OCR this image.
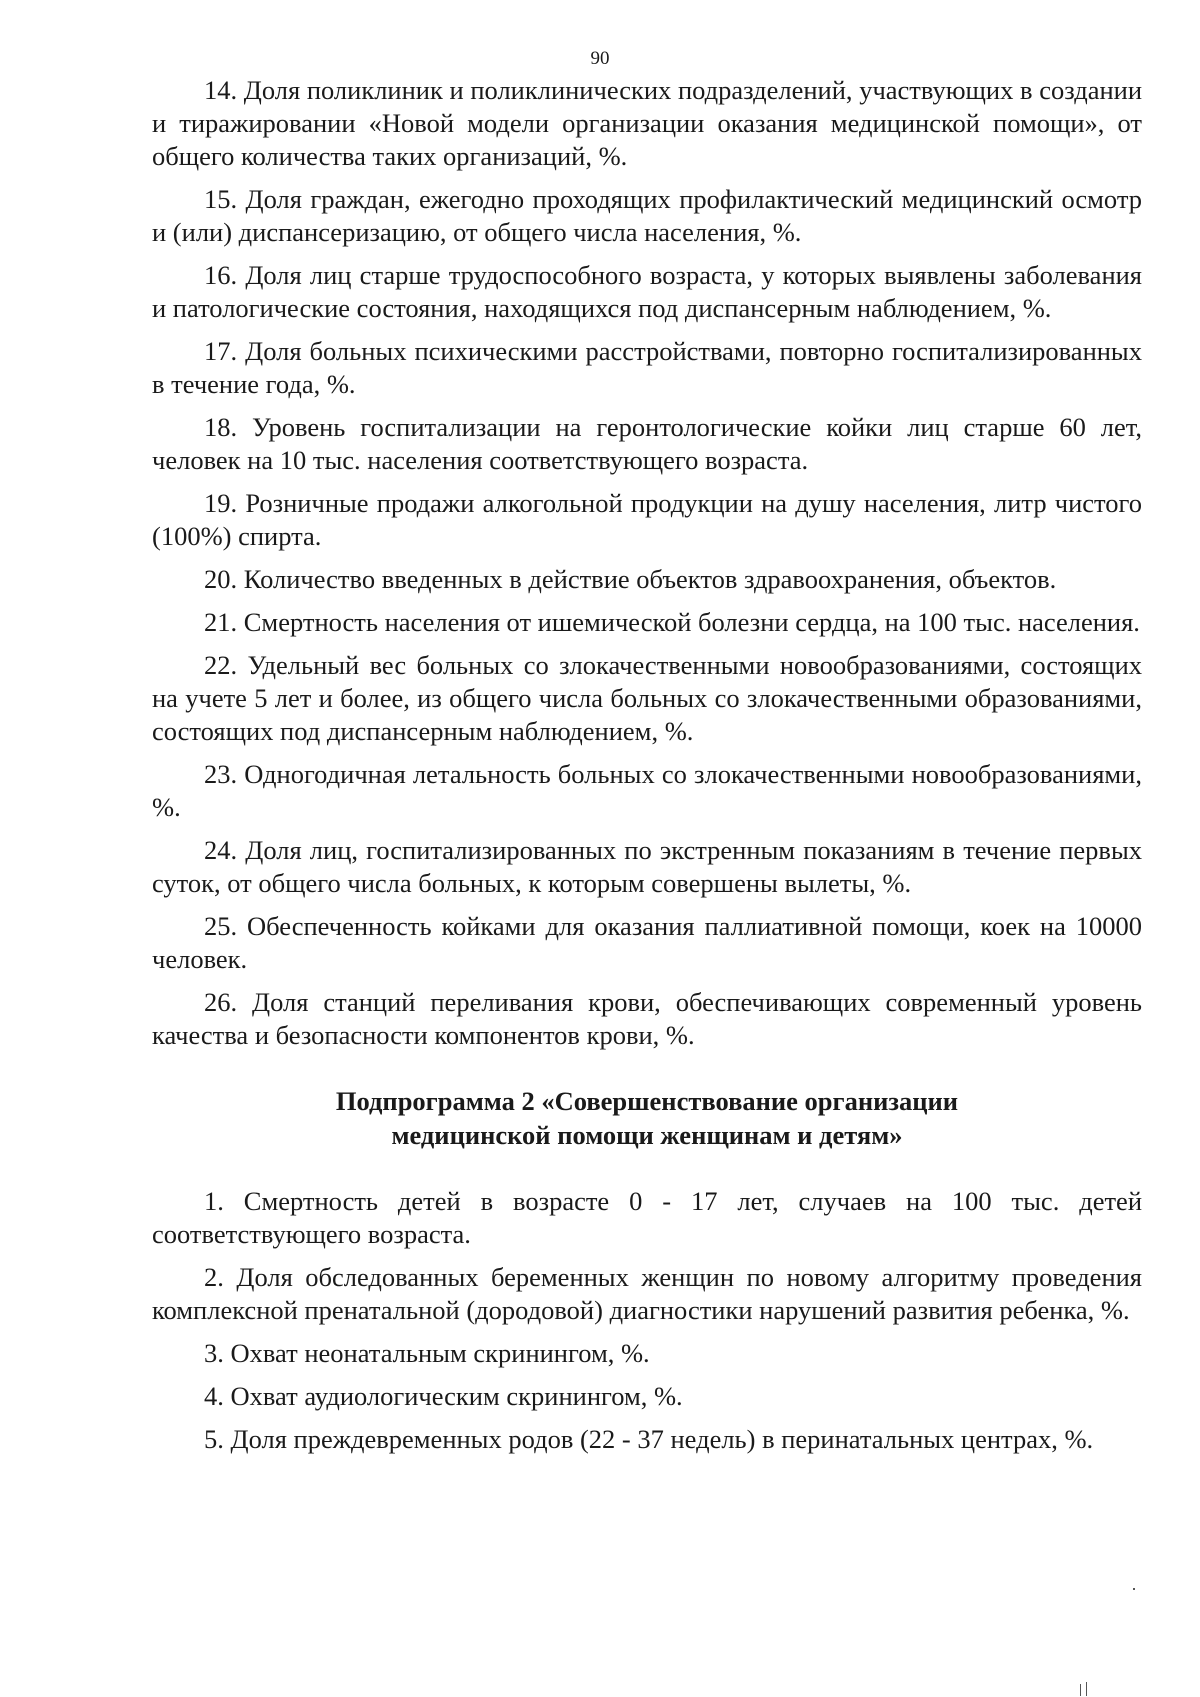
90

14. Доля поликлиник и поликлинических подразделений, участвующих в создании и тиражировании «Новой модели организации оказания медицинской помощи», от общего количества таких организаций, %.

15. Доля граждан, ежегодно проходящих профилактический медицинский осмотр и (или) диспансеризацию, от общего числа населения, %.

16. Доля лиц старше трудоспособного возраста, у которых выявлены заболевания и патологические состояния, находящихся под диспансерным наблюдением, %.

17. Доля больных психическими расстройствами, повторно госпитализированных в течение года, %.

18. Уровень госпитализации на геронтологические койки лиц старше 60 лет, человек на 10 тыс. населения соответствующего возраста.

19. Розничные продажи алкогольной продукции на душу населения, литр чистого (100%) спирта.

20. Количество введенных в действие объектов здравоохранения, объектов.

21. Смертность населения от ишемической болезни сердца, на 100 тыс. населения.

22. Удельный вес больных со злокачественными новообразованиями, состоящих на учете 5 лет и более, из общего числа больных со злокачественными образованиями, состоящих под диспансерным наблюдением, %.

23. Одногодичная летальность больных со злокачественными новообразованиями, %.

24. Доля лиц, госпитализированных по экстренным показаниям в течение первых суток, от общего числа больных, к которым совершены вылеты, %.

25. Обеспеченность койками для оказания паллиативной помощи, коек на 10000 человек.

26. Доля станций переливания крови, обеспечивающих современный уровень качества и безопасности компонентов крови, %.

Подпрограмма 2 «Совершенствование организации
медицинской помощи женщинам и детям»

1. Смертность детей в возрасте 0 - 17 лет, случаев на 100 тыс. детей соответствующего возраста.

2. Доля обследованных беременных женщин по новому алгоритму проведения комплексной пренатальной (дородовой) диагностики нарушений развития ребенка, %.

3. Охват неонатальным скринингом, %.

4. Охват аудиологическим скринингом, %.

5. Доля преждевременных родов (22 - 37 недель) в перинатальных центрах, %.
